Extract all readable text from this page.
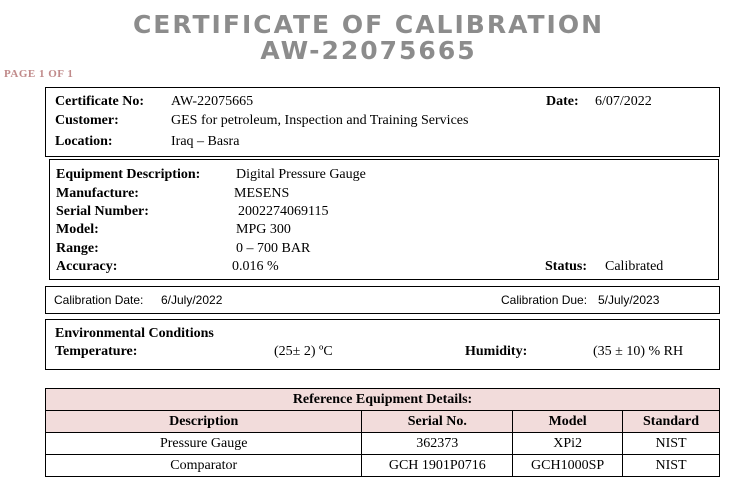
CERTIFICATE OF CALIBRATION
AW-22075665
PAGE 1 OF 1
Certificate No: AW-22075665	Date: 6/07/2022
Customer:	GES for petroleum, Inspection and Training Services
Location:	Iraq – Basra
Equipment Description:	Digital Pressure Gauge
Manufacture:	MESENS
Serial Number:	2002274069115
Model:	MPG 300
Range:	0 – 700 BAR
Accuracy:	0.016 %	Status: Calibrated
Calibration Date: 6/July/2022	Calibration Due: 5/July/2023
Environmental Conditions
Temperature:	(25± 2) ºC	Humidity:	(35 ± 10) % RH
Reference Equipment Details:			
Description	Serial No.	Model	Standard
Pressure Gauge	362373	XPi2	NIST
Comparator	GCH 1901P0716	GCH1000SP	NIST
